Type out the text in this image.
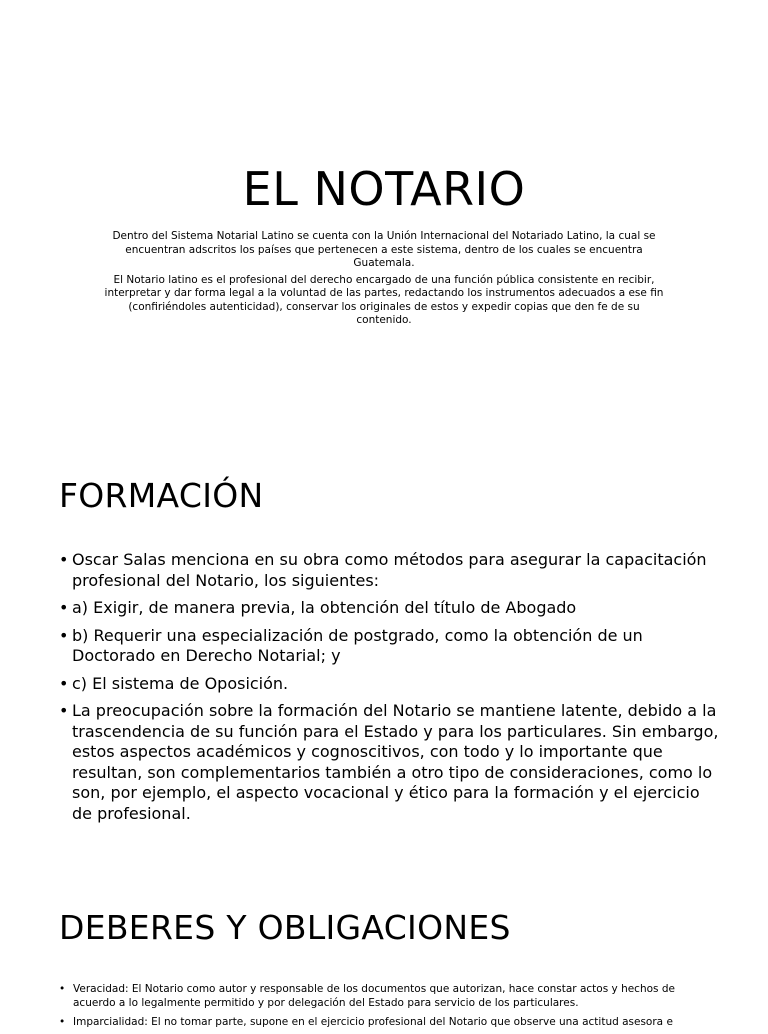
EL NOTARIO

Dentro del Sistema Notarial Latino se cuenta con la Unión Internacional del Notariado Latino, la cual se encuentran adscritos los países que pertenecen a este sistema, dentro de los cuales se encuentra Guatemala.

El Notario latino es el profesional del derecho encargado de una función pública consistente en recibir, interpretar y dar forma legal a la voluntad de las partes, redactando los instrumentos adecuados a ese fin (confiriéndoles autenticidad), conservar los originales de estos y expedir copias que den fe de su contenido.

FORMACIÓN
• Oscar Salas menciona en su obra como métodos para asegurar la capacitación profesional del Notario, los siguientes:
• a) Exigir, de manera previa, la obtención del título de Abogado
• b) Requerir una especialización de postgrado, como la obtención de un Doctorado en Derecho Notarial; y
• c) El sistema de Oposición.
• La preocupación sobre la formación del Notario se mantiene latente, debido a la trascendencia de su función para el Estado y para los particulares. Sin embargo, estos aspectos académicos y cognoscitivos, con todo y lo importante que resultan, son complementarios también a otro tipo de consideraciones, como lo son, por ejemplo, el aspecto vocacional y ético para la formación y el ejercicio de profesional.
DEBERES Y OBLIGACIONES
• Veracidad: El Notario como autor y responsable de los documentos que autorizan, hace constar actos y hechos de acuerdo a lo legalmente permitido y por delegación del Estado para servicio de los particulares.
• Imparcialidad: El no tomar parte, supone en el ejercicio profesional del Notario que observe una actitud asesora e
